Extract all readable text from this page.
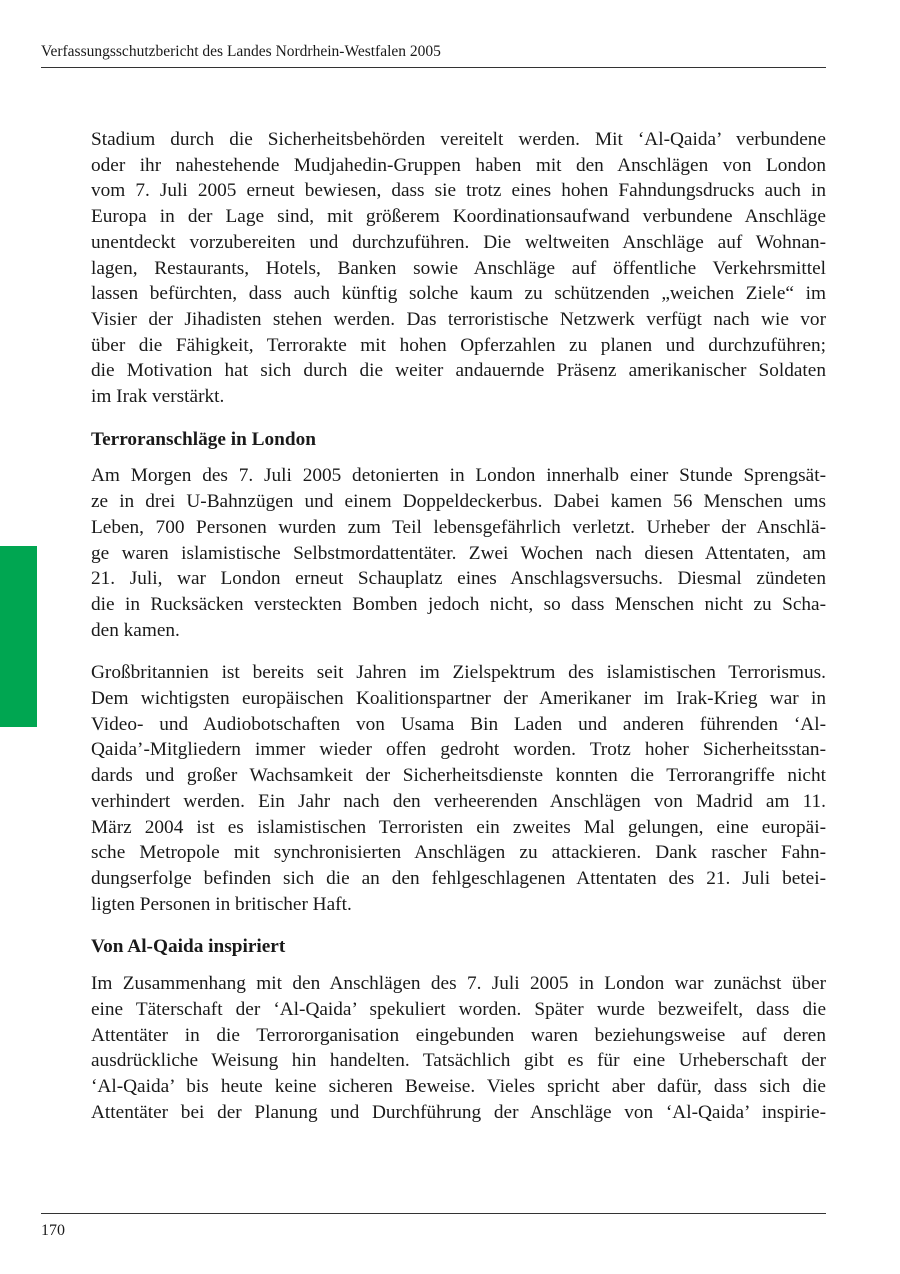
Verfassungsschutzbericht des Landes Nordrhein-Westfalen 2005

Stadium durch die Sicherheitsbehörden vereitelt werden. Mit ‘Al-Qaida’ verbundene
oder ihr nahestehende Mudjahedin-Gruppen haben mit den Anschlägen von London
vom 7. Juli 2005 erneut bewiesen, dass sie trotz eines hohen Fahndungsdrucks auch in
Europa in der Lage sind, mit größerem Koordinationsaufwand verbundene Anschläge
unentdeckt vorzubereiten und durchzuführen. Die weltweiten Anschläge auf Wohnan-
lagen, Restaurants, Hotels, Banken sowie Anschläge auf öffentliche Verkehrsmittel
lassen befürchten, dass auch künftig solche kaum zu schützenden „weichen Ziele“ im
Visier der Jihadisten stehen werden. Das terroristische Netzwerk verfügt nach wie vor
über die Fähigkeit, Terrorakte mit hohen Opferzahlen zu planen und durchzuführen;
die Motivation hat sich durch die weiter andauernde Präsenz amerikanischer Soldaten
im Irak verstärkt.

Terroranschläge in London

Am Morgen des 7. Juli 2005 detonierten in London innerhalb einer Stunde Sprengsät-
ze in drei U-Bahnzügen und einem Doppeldeckerbus. Dabei kamen 56 Menschen ums
Leben, 700 Personen wurden zum Teil lebensgefährlich verletzt. Urheber der Anschlä-
ge waren islamistische Selbstmordattentäter. Zwei Wochen nach diesen Attentaten, am
21. Juli, war London erneut Schauplatz eines Anschlagsversuchs. Diesmal zündeten
die in Rucksäcken versteckten Bomben jedoch nicht, so dass Menschen nicht zu Scha-
den kamen.

Großbritannien ist bereits seit Jahren im Zielspektrum des islamistischen Terrorismus.
Dem wichtigsten europäischen Koalitionspartner der Amerikaner im Irak-Krieg war in
Video- und Audiobotschaften von Usama Bin Laden und anderen führenden ‘Al-
Qaida’-Mitgliedern immer wieder offen gedroht worden. Trotz hoher Sicherheitsstan-
dards und großer Wachsamkeit der Sicherheitsdienste konnten die Terrorangriffe nicht
verhindert werden. Ein Jahr nach den verheerenden Anschlägen von Madrid am 11.
März 2004 ist es islamistischen Terroristen ein zweites Mal gelungen, eine europäi-
sche Metropole mit synchronisierten Anschlägen zu attackieren. Dank rascher Fahn-
dungserfolge befinden sich die an den fehlgeschlagenen Attentaten des 21. Juli betei-
ligten Personen in britischer Haft.

Von Al-Qaida inspiriert

Im Zusammenhang mit den Anschlägen des 7. Juli 2005 in London war zunächst über
eine Täterschaft der ‘Al-Qaida’ spekuliert worden. Später wurde bezweifelt, dass die
Attentäter in die Terrororganisation eingebunden waren beziehungsweise auf deren
ausdrückliche Weisung hin handelten. Tatsächlich gibt es für eine Urheberschaft der
‘Al-Qaida’ bis heute keine sicheren Beweise. Vieles spricht aber dafür, dass sich die
Attentäter bei der Planung und Durchführung der Anschläge von ‘Al-Qaida’ inspirie-

170
